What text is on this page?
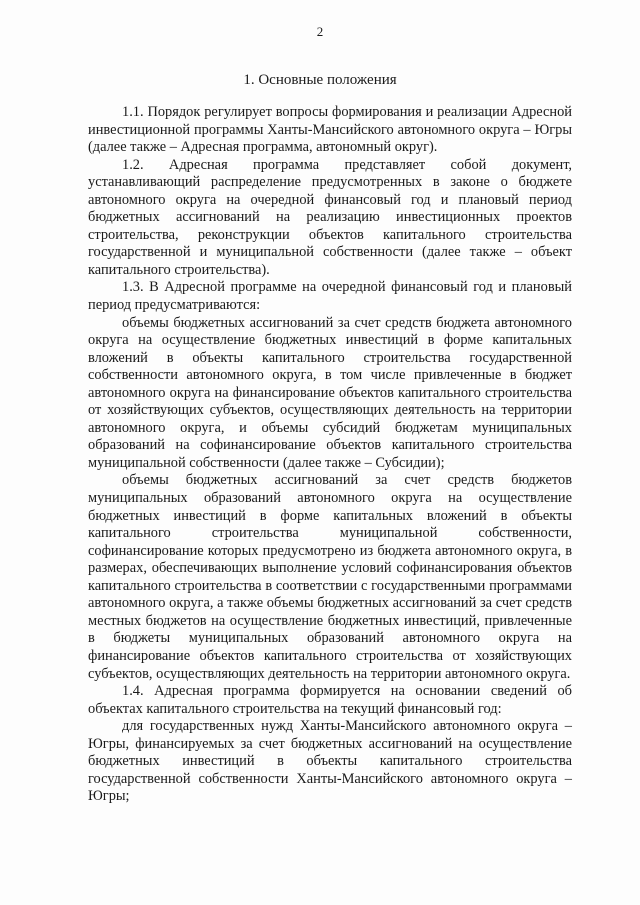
2
1. Основные положения

1.1. Порядок регулирует вопросы формирования и реализации Адресной инвестиционной программы Ханты-Мансийского автономного округа – Югры (далее также – Адресная программа, автономный округ).

1.2. Адресная программа представляет собой документ, устанавливающий распределение предусмотренных в законе о бюджете автономного округа на очередной финансовый год и плановый период бюджетных ассигнований на реализацию инвестиционных проектов строительства, реконструкции объектов капитального строительства государственной и муниципальной собственности (далее также – объект капитального строительства).

1.3. В Адресной программе на очередной финансовый год и плановый период предусматриваются:

объемы бюджетных ассигнований за счет средств бюджета автономного округа на осуществление бюджетных инвестиций в форме капитальных вложений в объекты капитального строительства государственной собственности автономного округа, в том числе привлеченные в бюджет автономного округа на финансирование объектов капитального строительства от хозяйствующих субъектов, осуществляющих деятельность на территории автономного округа, и объемы субсидий бюджетам муниципальных образований на софинансирование объектов капитального строительства муниципальной собственности (далее также – Субсидии);

объемы бюджетных ассигнований за счет средств бюджетов муниципальных образований автономного округа на осуществление бюджетных инвестиций в форме капитальных вложений в объекты капитального строительства муниципальной собственности, софинансирование которых предусмотрено из бюджета автономного округа, в размерах, обеспечивающих выполнение условий софинансирования объектов капитального строительства в соответствии с государственными программами автономного округа, а также объемы бюджетных ассигнований за счет средств местных бюджетов на осуществление бюджетных инвестиций, привлеченные в бюджеты муниципальных образований автономного округа на финансирование объектов капитального строительства от хозяйствующих субъектов, осуществляющих деятельность на территории автономного округа.

1.4. Адресная программа формируется на основании сведений об объектах капитального строительства на текущий финансовый год:

для государственных нужд Ханты-Мансийского автономного округа – Югры, финансируемых за счет бюджетных ассигнований на осуществление бюджетных инвестиций в объекты капитального строительства государственной собственности Ханты-Мансийского автономного округа – Югры;
